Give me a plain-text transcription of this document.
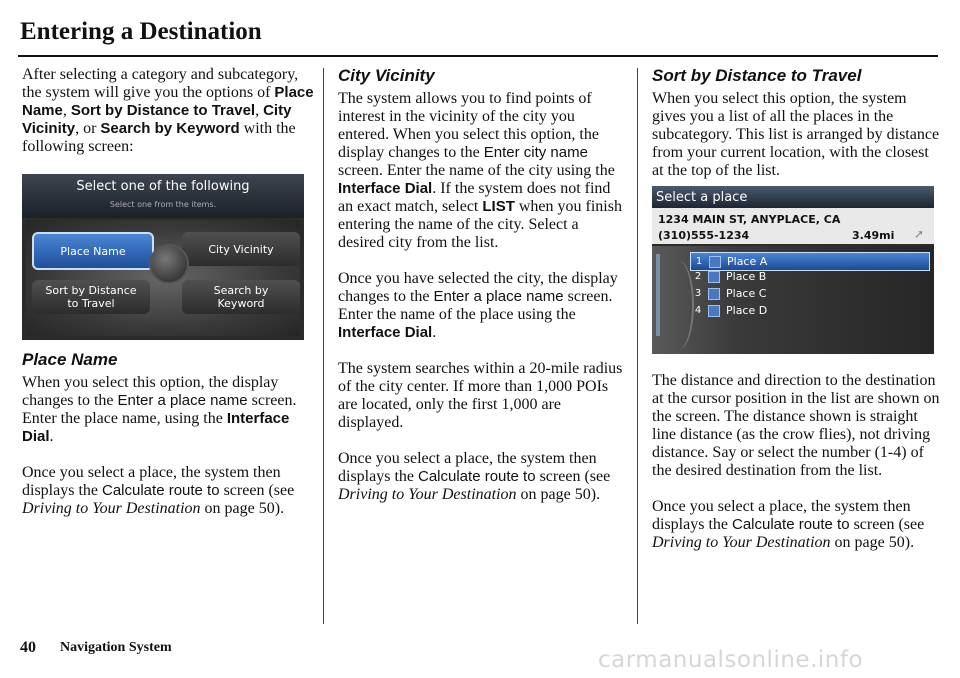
Entering a Destination

After selecting a category and subcategory, the system will give you the options of Place Name, Sort by Distance to Travel, City Vicinity, or Search by Keyword with the following screen:

Select one of the following
Select one from the items.
Place Name	City Vicinity
Sort by Distance
to Travel
Search by
Keyword
Place Name

When you select this option, the display changes to the Enter a place name screen. Enter the place name, using the Interface Dial.

Once you select a place, the system then displays the Calculate route to screen (see Driving to Your Destination on page 50).

City Vicinity

The system allows you to find points of interest in the vicinity of the city you entered. When you select this option, the display changes to the Enter city name screen. Enter the name of the city using the Interface Dial. If the system does not find an exact match, select LIST when you finish entering the name of the city. Select a desired city from the list.

Once you have selected the city, the display changes to the Enter a place name screen. Enter the name of the place using the Interface Dial.

The system searches within a 20-mile radius of the city center. If more than 1,000 POIs are located, only the first 1,000 are displayed.

Once you select a place, the system then displays the Calculate route to screen (see Driving to Your Destination on page 50).

Sort by Distance to Travel

When you select this option, the system gives you a list of all the places in the subcategory. This list is arranged by distance from your current location, with the closest at the top of the list.

Select a place
1234 MAIN ST, ANYPLACE, CA
(310)555-1234	3.49mi ➚
1	Place A
2	Place B
3	Place C
4	Place D

The distance and direction to the destination at the cursor position in the list are shown on the screen. The distance shown is straight line distance (as the crow flies), not driving distance. Say or select the number (1-4) of the desired destination from the list.

Once you select a place, the system then displays the Calculate route to screen (see Driving to Your Destination on page 50).

40 Navigation System	carmanualsonline.info
